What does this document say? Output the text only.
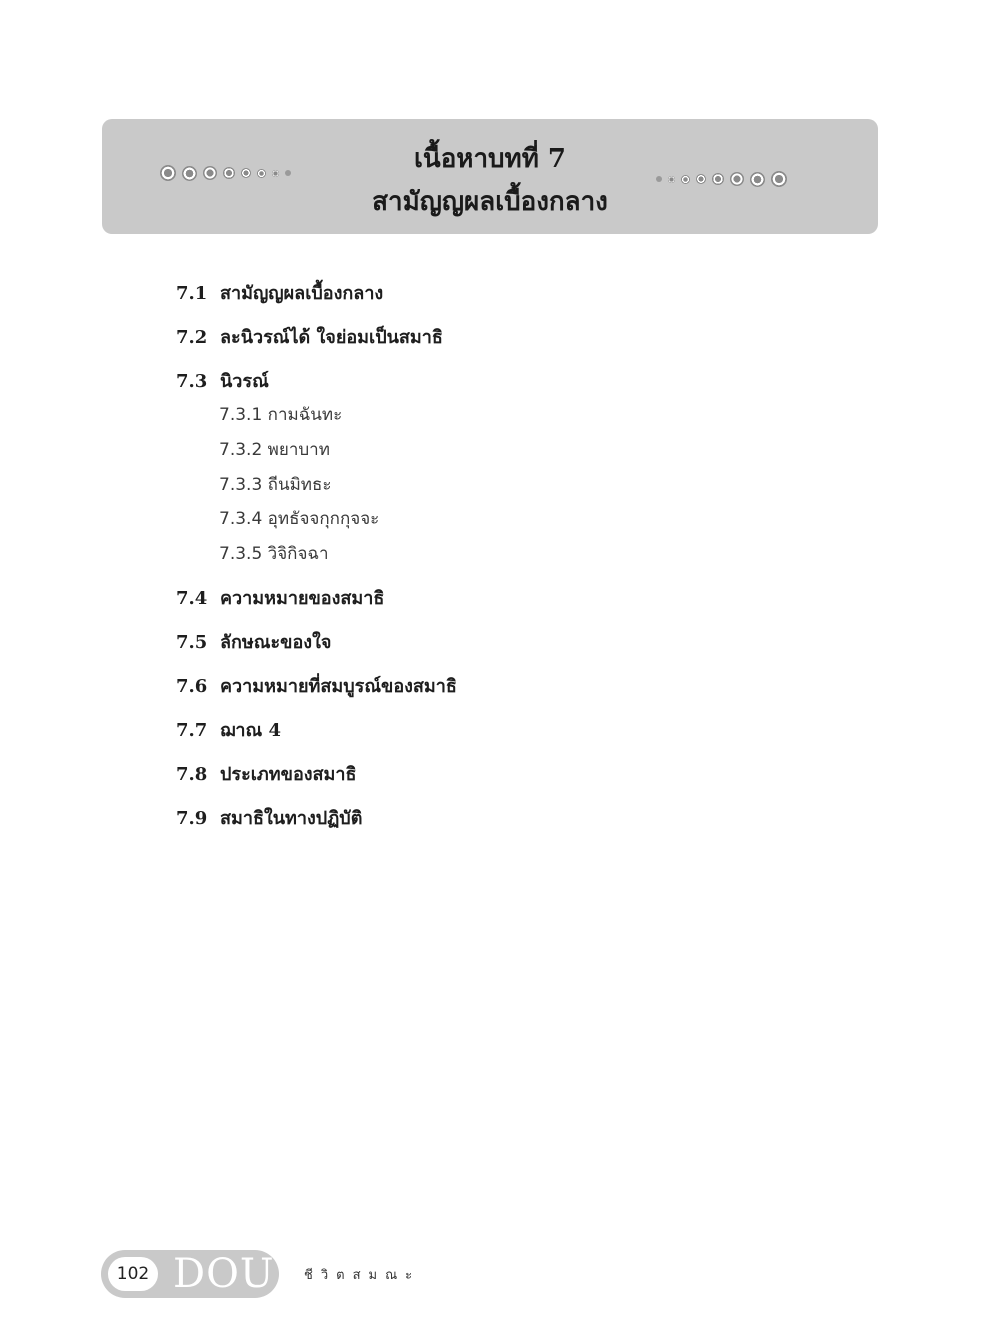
เนื้อหาบทที่ 7
สามัญญผลเบื้องกลาง
7.1 สามัญญผลเบื้องกลาง
7.2 ละนิวรณ์ได้ ใจย่อมเป็นสมาธิ
7.3 นิวรณ์
7.3.1 กามฉันทะ
7.3.2 พยาบาท
7.3.3 ถีนมิทธะ
7.3.4 อุทธัจจกุกกุจจะ
7.3.5 วิจิกิจฉา
7.4 ความหมายของสมาธิ
7.5 ลักษณะของใจ
7.6 ความหมายที่สมบูรณ์ของสมาธิ
7.7 ฌาณ 4
7.8 ประเภทของสมาธิ
7.9 สมาธิในทางปฏิบัติ
102 DOU ชีวิตสมณะ
